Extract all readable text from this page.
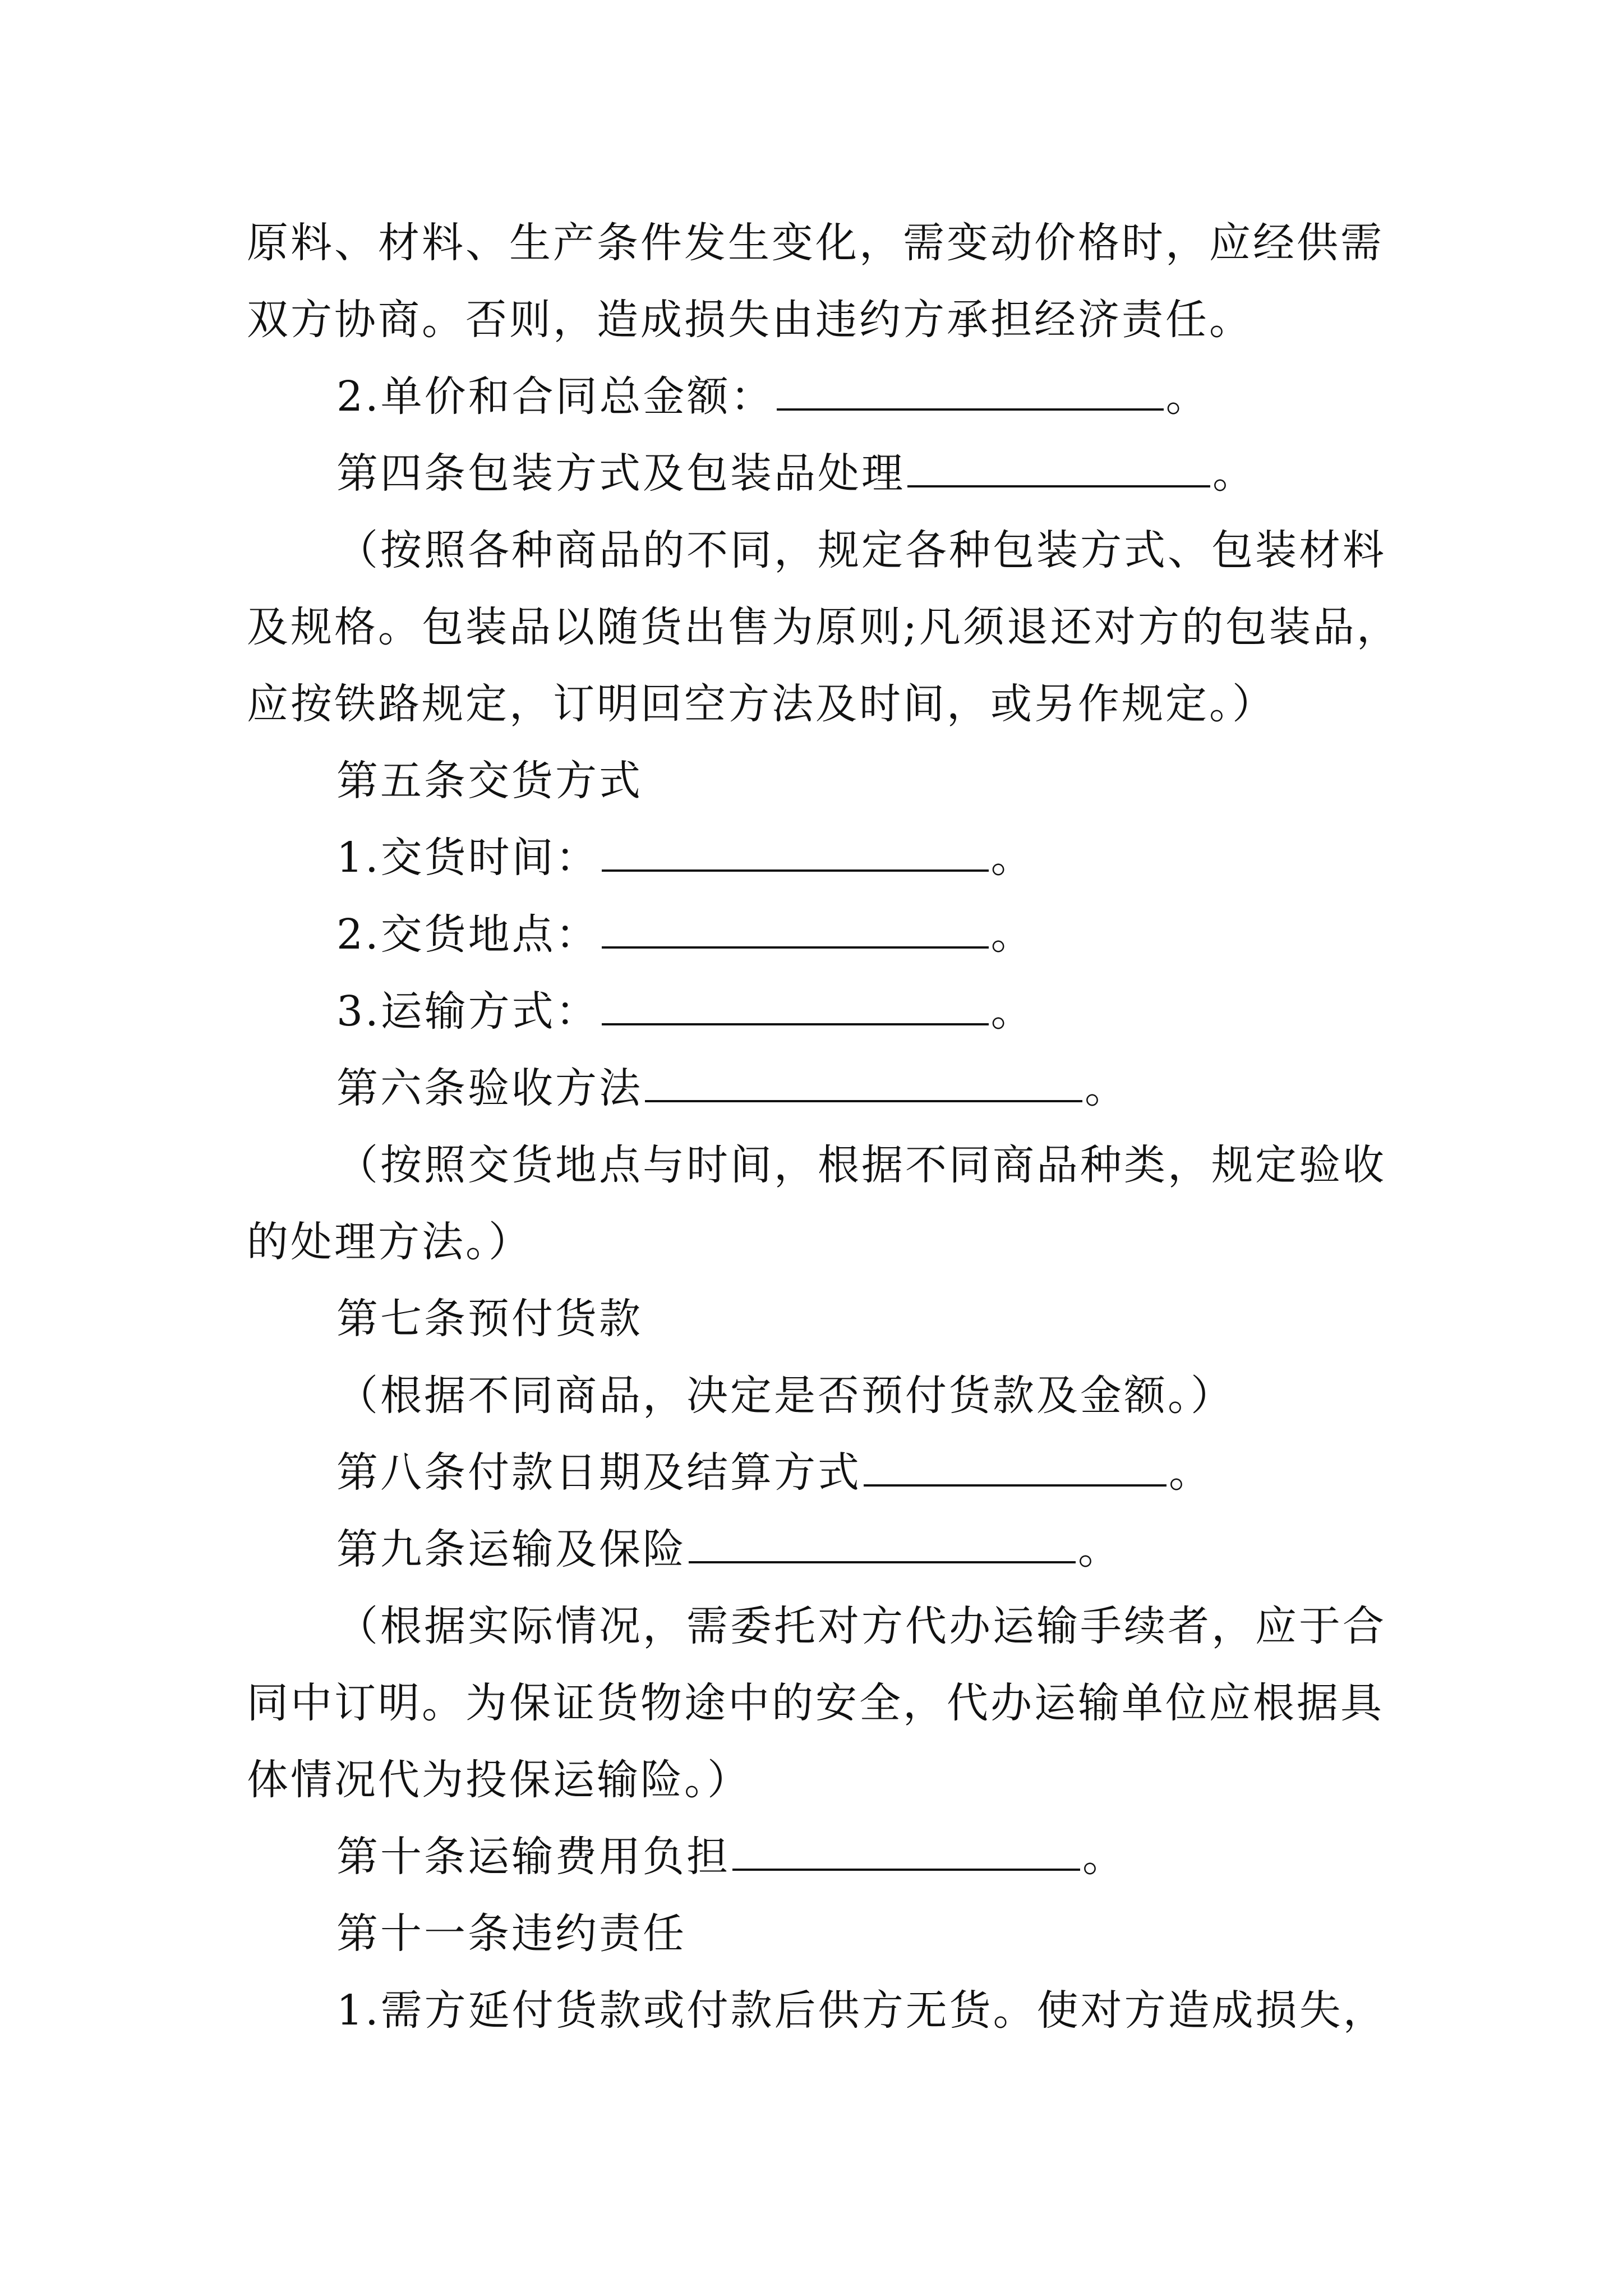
原料、材料、生产条件发生变化，需变动价格时，应经供需
双方协商。否则，造成损失由违约方承担经济责任。
2.单价和合同总金额：	。
第四条包装方式及包装品处理	。
（按照各种商品的不同，规定各种包装方式、包装材料
及规格。包装品以随货出售为原则;凡须退还对方的包装品，
应按铁路规定，订明回空方法及时间，或另作规定。）
第五条交货方式
1.交货时间：	。
2.交货地点：	。
3.运输方式：	。
第六条验收方法	。
（按照交货地点与时间，根据不同商品种类，规定验收
的处理方法。）
第七条预付货款
（根据不同商品，决定是否预付货款及金额。）
第八条付款日期及结算方式	。
第九条运输及保险	。
（根据实际情况，需委托对方代办运输手续者，应于合
同中订明。为保证货物途中的安全，代办运输单位应根据具
体情况代为投保运输险。）
第十条运输费用负担	。
第十一条违约责任
1.需方延付货款或付款后供方无货。使对方造成损失，
